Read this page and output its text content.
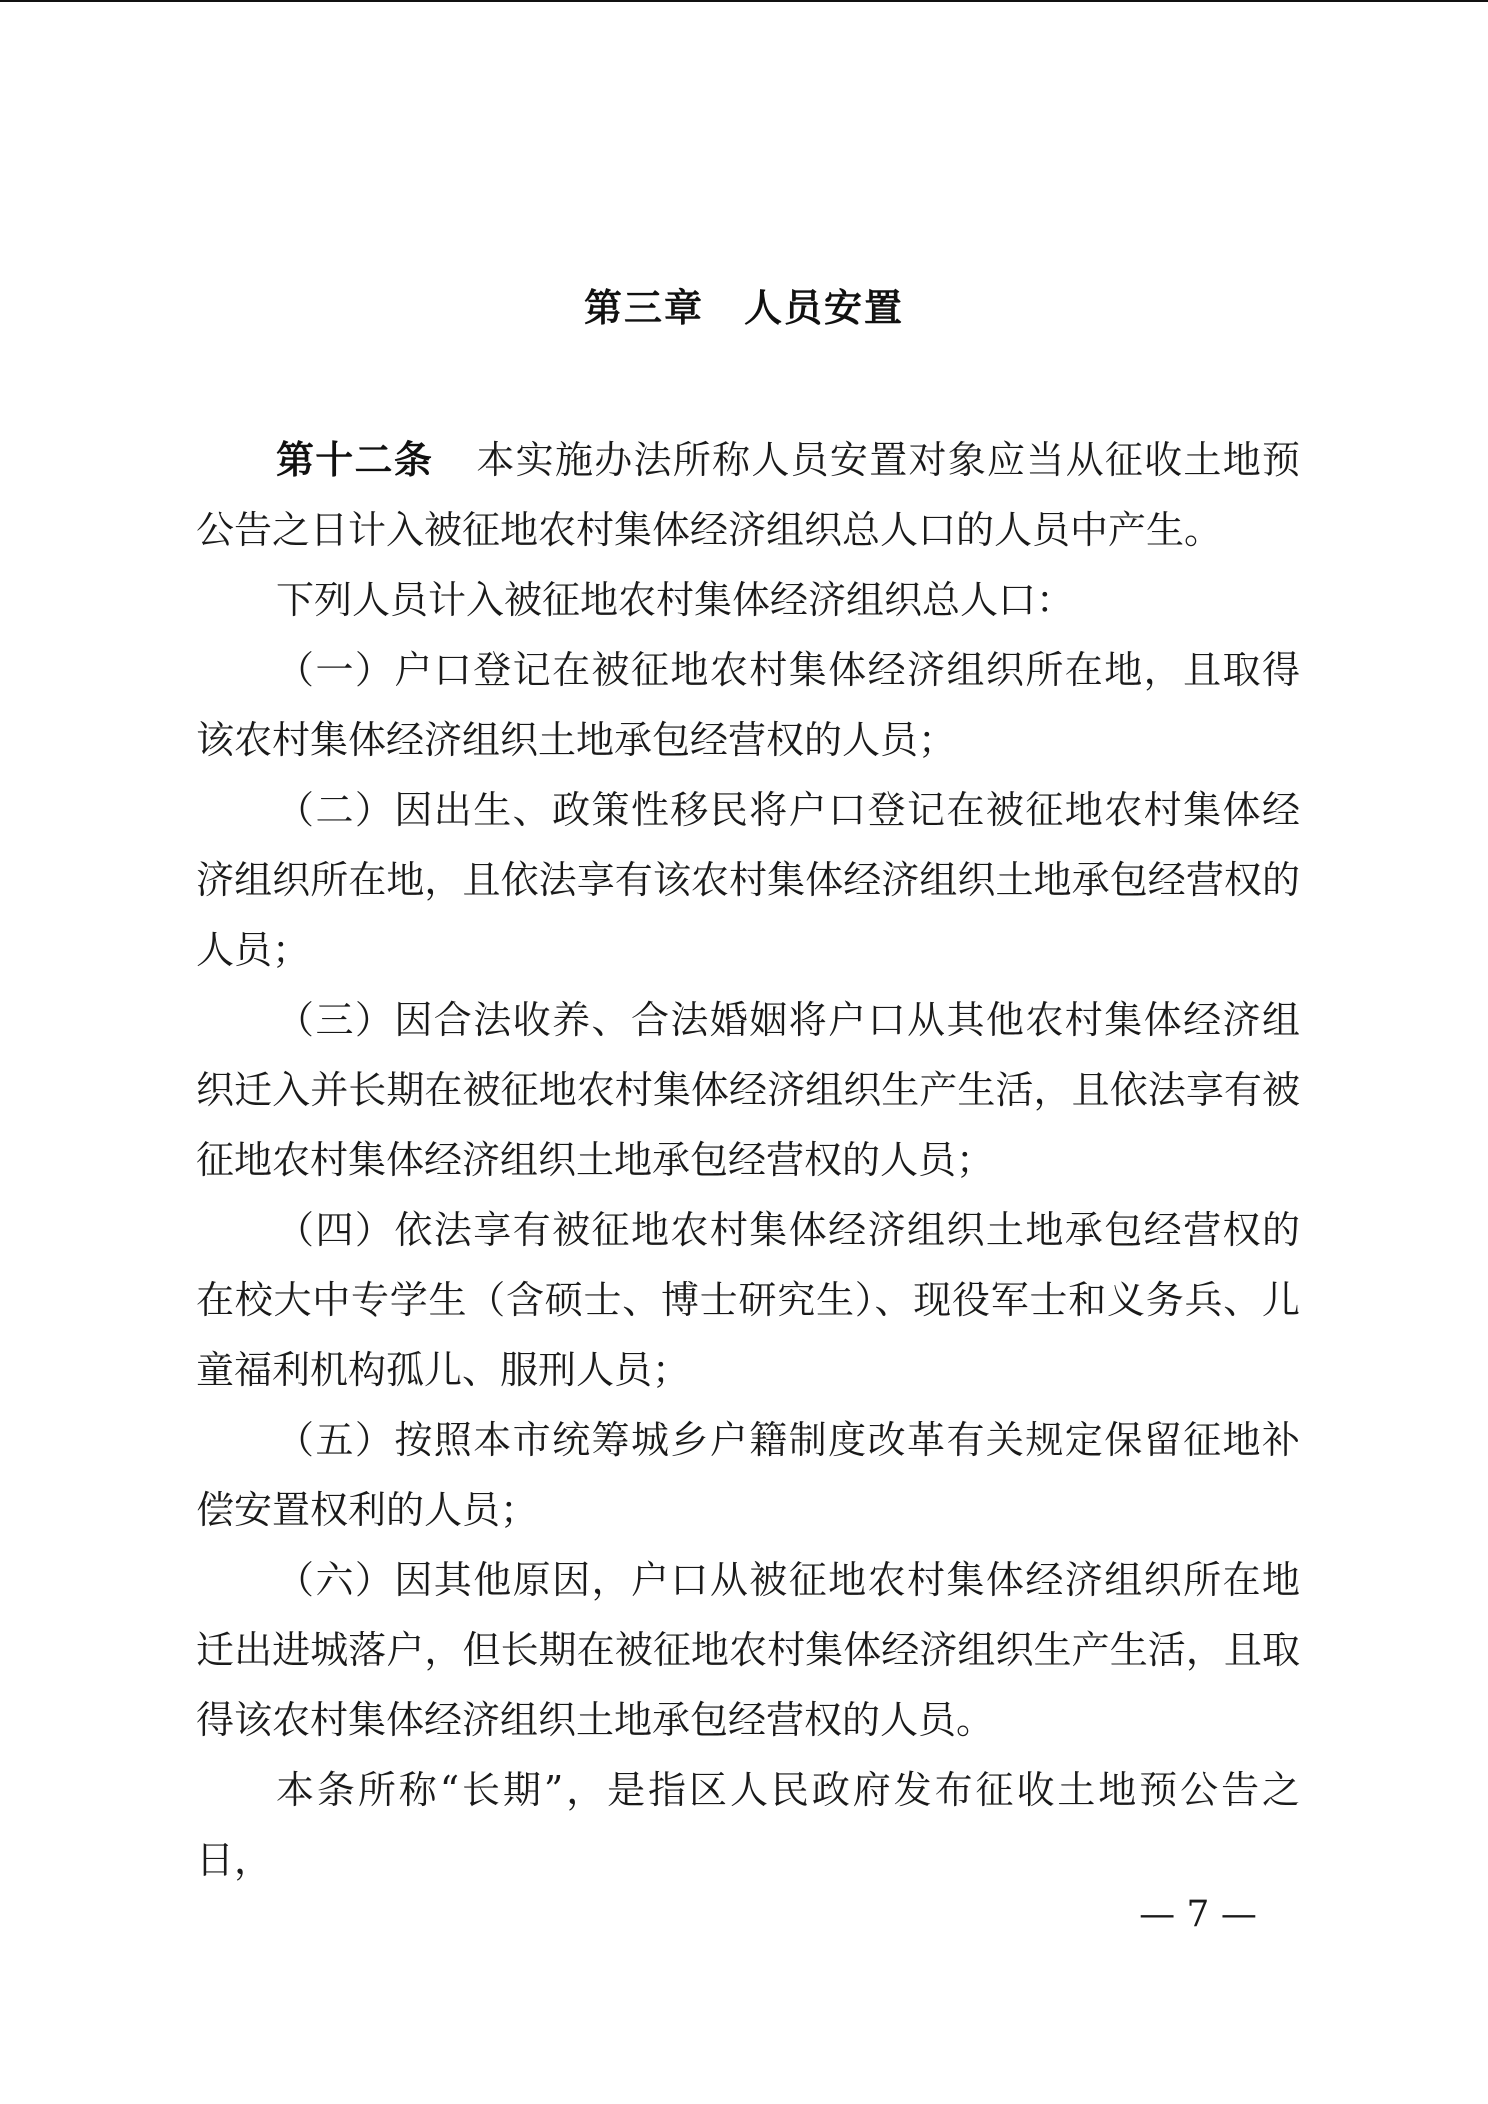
第三章　人员安置

第十二条 本实施办法所称人员安置对象应当从征收土地预公告之日计入被征地农村集体经济组织总人口的人员中产生。

下列人员计入被征地农村集体经济组织总人口：

（一）户口登记在被征地农村集体经济组织所在地，且取得该农村集体经济组织土地承包经营权的人员；

（二）因出生、政策性移民将户口登记在被征地农村集体经济组织所在地，且依法享有该农村集体经济组织土地承包经营权的人员；

（三）因合法收养、合法婚姻将户口从其他农村集体经济组织迁入并长期在被征地农村集体经济组织生产生活，且依法享有被征地农村集体经济组织土地承包经营权的人员；

（四）依法享有被征地农村集体经济组织土地承包经营权的在校大中专学生（含硕士、博士研究生）、现役军士和义务兵、儿童福利机构孤儿、服刑人员；

（五）按照本市统筹城乡户籍制度改革有关规定保留征地补偿安置权利的人员；

（六）因其他原因，户口从被征地农村集体经济组织所在地迁出进城落户，但长期在被征地农村集体经济组织生产生活，且取得该农村集体经济组织土地承包经营权的人员。

本条所称“长期”，是指区人民政府发布征收土地预公告之日，

— 7 —
